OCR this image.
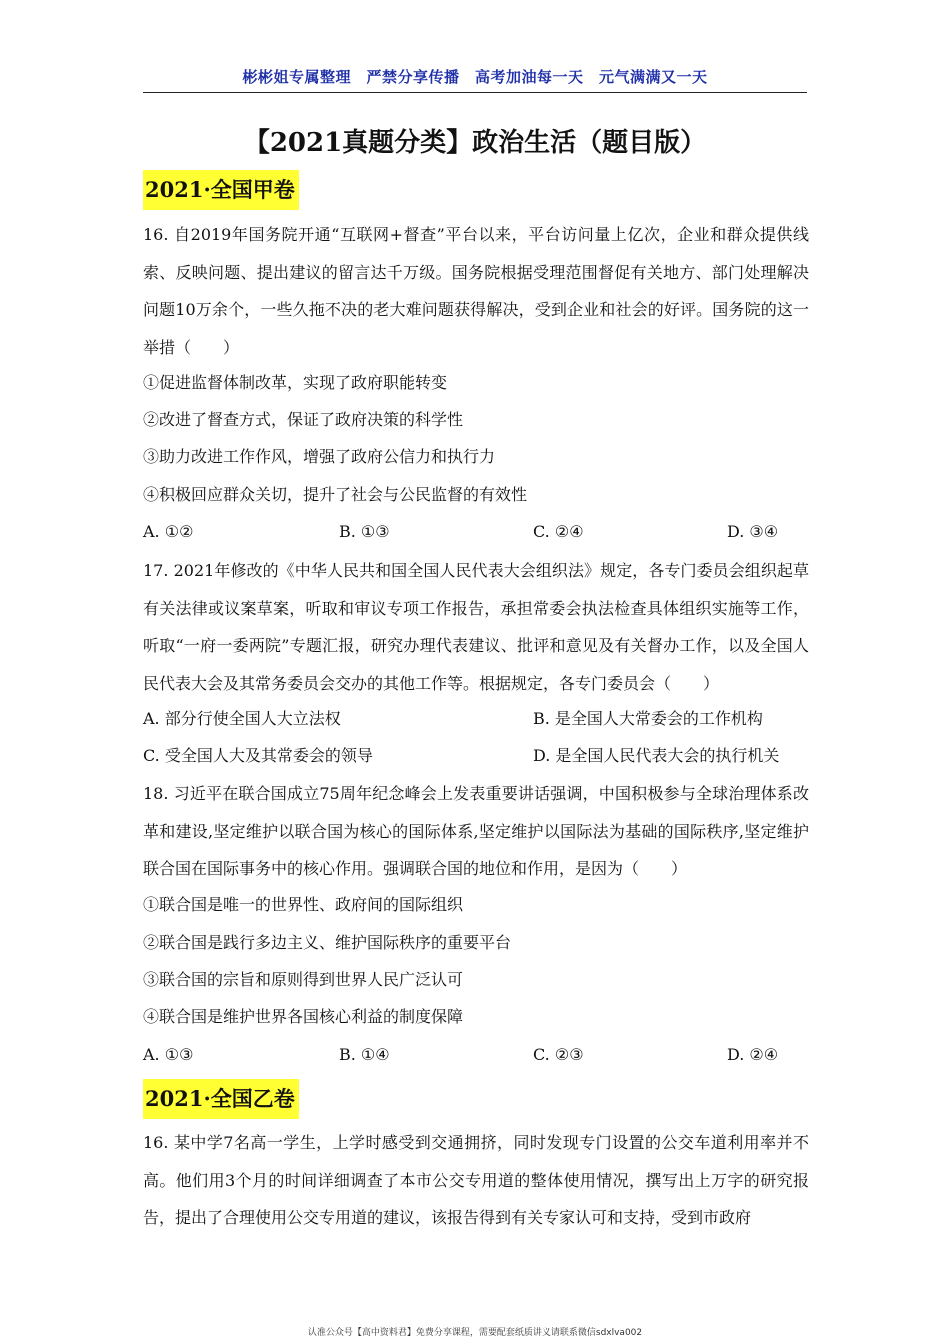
彬彬姐专属整理　严禁分享传播　高考加油每一天　元气满满又一天
【2021真题分类】政治生活（题目版）
2021·全国甲卷

16. 自2019年国务院开通“互联网+督查”平台以来，平台访问量上亿次，企业和群众提供线索、反映问题、提出建议的留言达千万级。国务院根据受理范围督促有关地方、部门处理解决问题10万余个，一些久拖不决的老大难问题获得解决，受到企业和社会的好评。国务院的这一举措（　　）

①促进监督体制改革，实现了政府职能转变
②改进了督查方式，保证了政府决策的科学性
③助力改进工作作风，增强了政府公信力和执行力
④积极回应群众关切，提升了社会与公民监督的有效性
A. ①②	B. ①③	C. ②④	D. ③④

17. 2021年修改的《中华人民共和国全国人民代表大会组织法》规定，各专门委员会组织起草有关法律或议案草案，听取和审议专项工作报告，承担常委会执法检查具体组织实施等工作，听取“一府一委两院”专题汇报，研究办理代表建议、批评和意见及有关督办工作，以及全国人民代表大会及其常务委员会交办的其他工作等。根据规定，各专门委员会（　　）

A. 部分行使全国人大立法权	B. 是全国人大常委会的工作机构
C. 受全国人大及其常委会的领导	D. 是全国人民代表大会的执行机关

18. 习近平在联合国成立75周年纪念峰会上发表重要讲话强调，中国积极参与全球治理体系改革和建设,坚定维护以联合国为核心的国际体系,坚定维护以国际法为基础的国际秩序,坚定维护联合国在国际事务中的核心作用。强调联合国的地位和作用，是因为（　　）

①联合国是唯一的世界性、政府间的国际组织
②联合国是践行多边主义、维护国际秩序的重要平台
③联合国的宗旨和原则得到世界人民广泛认可
④联合国是维护世界各国核心利益的制度保障
A. ①③	B. ①④	C. ②③	D. ②④
2021·全国乙卷

16. 某中学7名高一学生，上学时感受到交通拥挤，同时发现专门设置的公交车道利用率并不高。他们用3个月的时间详细调查了本市公交专用道的整体使用情况，撰写出上万字的研究报告，提出了合理使用公交专用道的建议，该报告得到有关专家认可和支持，受到市政府

认准公众号【高中资料君】免费分享课程，需要配套纸质讲义请联系微信sdxlva002
